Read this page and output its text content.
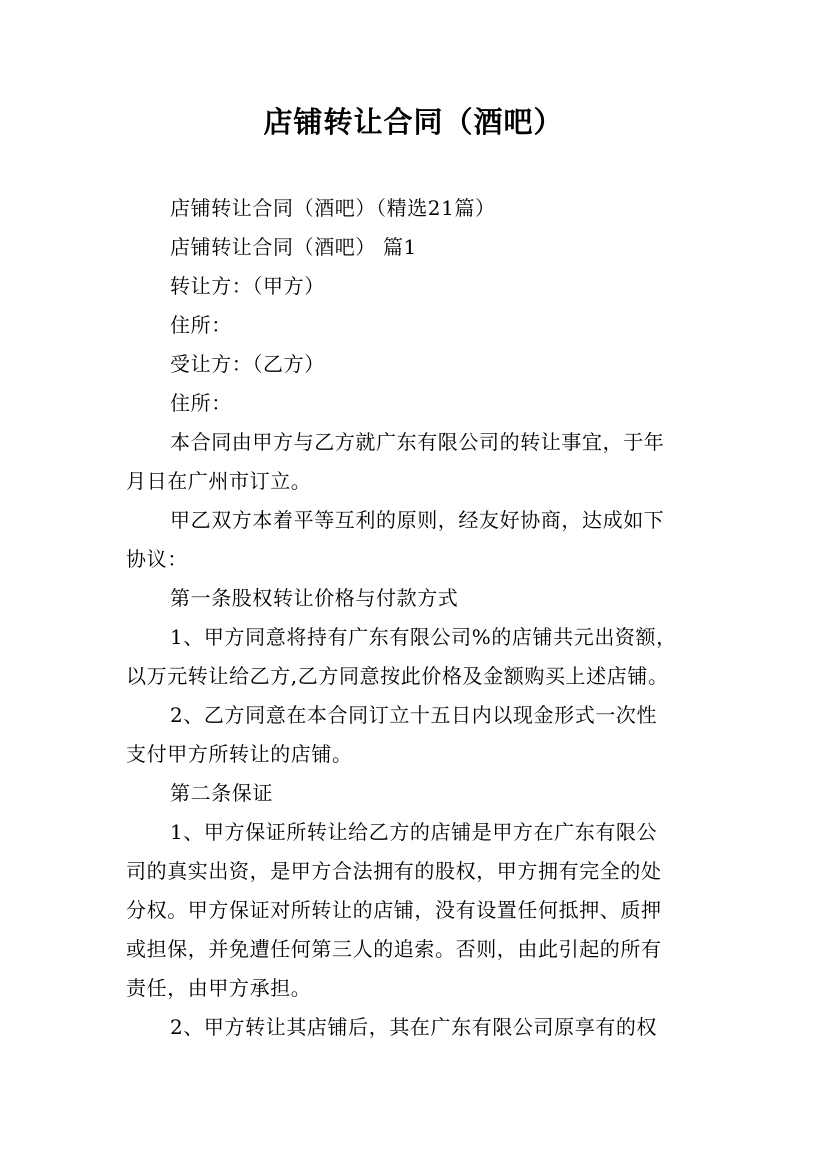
店铺转让合同（酒吧）

店铺转让合同（酒吧）（精选21篇）

店铺转让合同（酒吧） 篇1

转让方：（甲方）

住所：

受让方：（乙方）

住所：

本合同由甲方与乙方就广东有限公司的转让事宜，于年
月日在广州市订立。

甲乙双方本着平等互利的原则，经友好协商，达成如下
协议：

第一条股权转让价格与付款方式

1、甲方同意将持有广东有限公司%的店铺共元出资额，
以万元转让给乙方,乙方同意按此价格及金额购买上述店铺。

2、乙方同意在本合同订立十五日内以现金形式一次性
支付甲方所转让的店铺。

第二条保证

1、甲方保证所转让给乙方的店铺是甲方在广东有限公
司的真实出资，是甲方合法拥有的股权，甲方拥有完全的处
分权。甲方保证对所转让的店铺，没有设置任何抵押、质押
或担保，并免遭任何第三人的追索。否则，由此引起的所有
责任，由甲方承担。

2、甲方转让其店铺后，其在广东有限公司原享有的权
